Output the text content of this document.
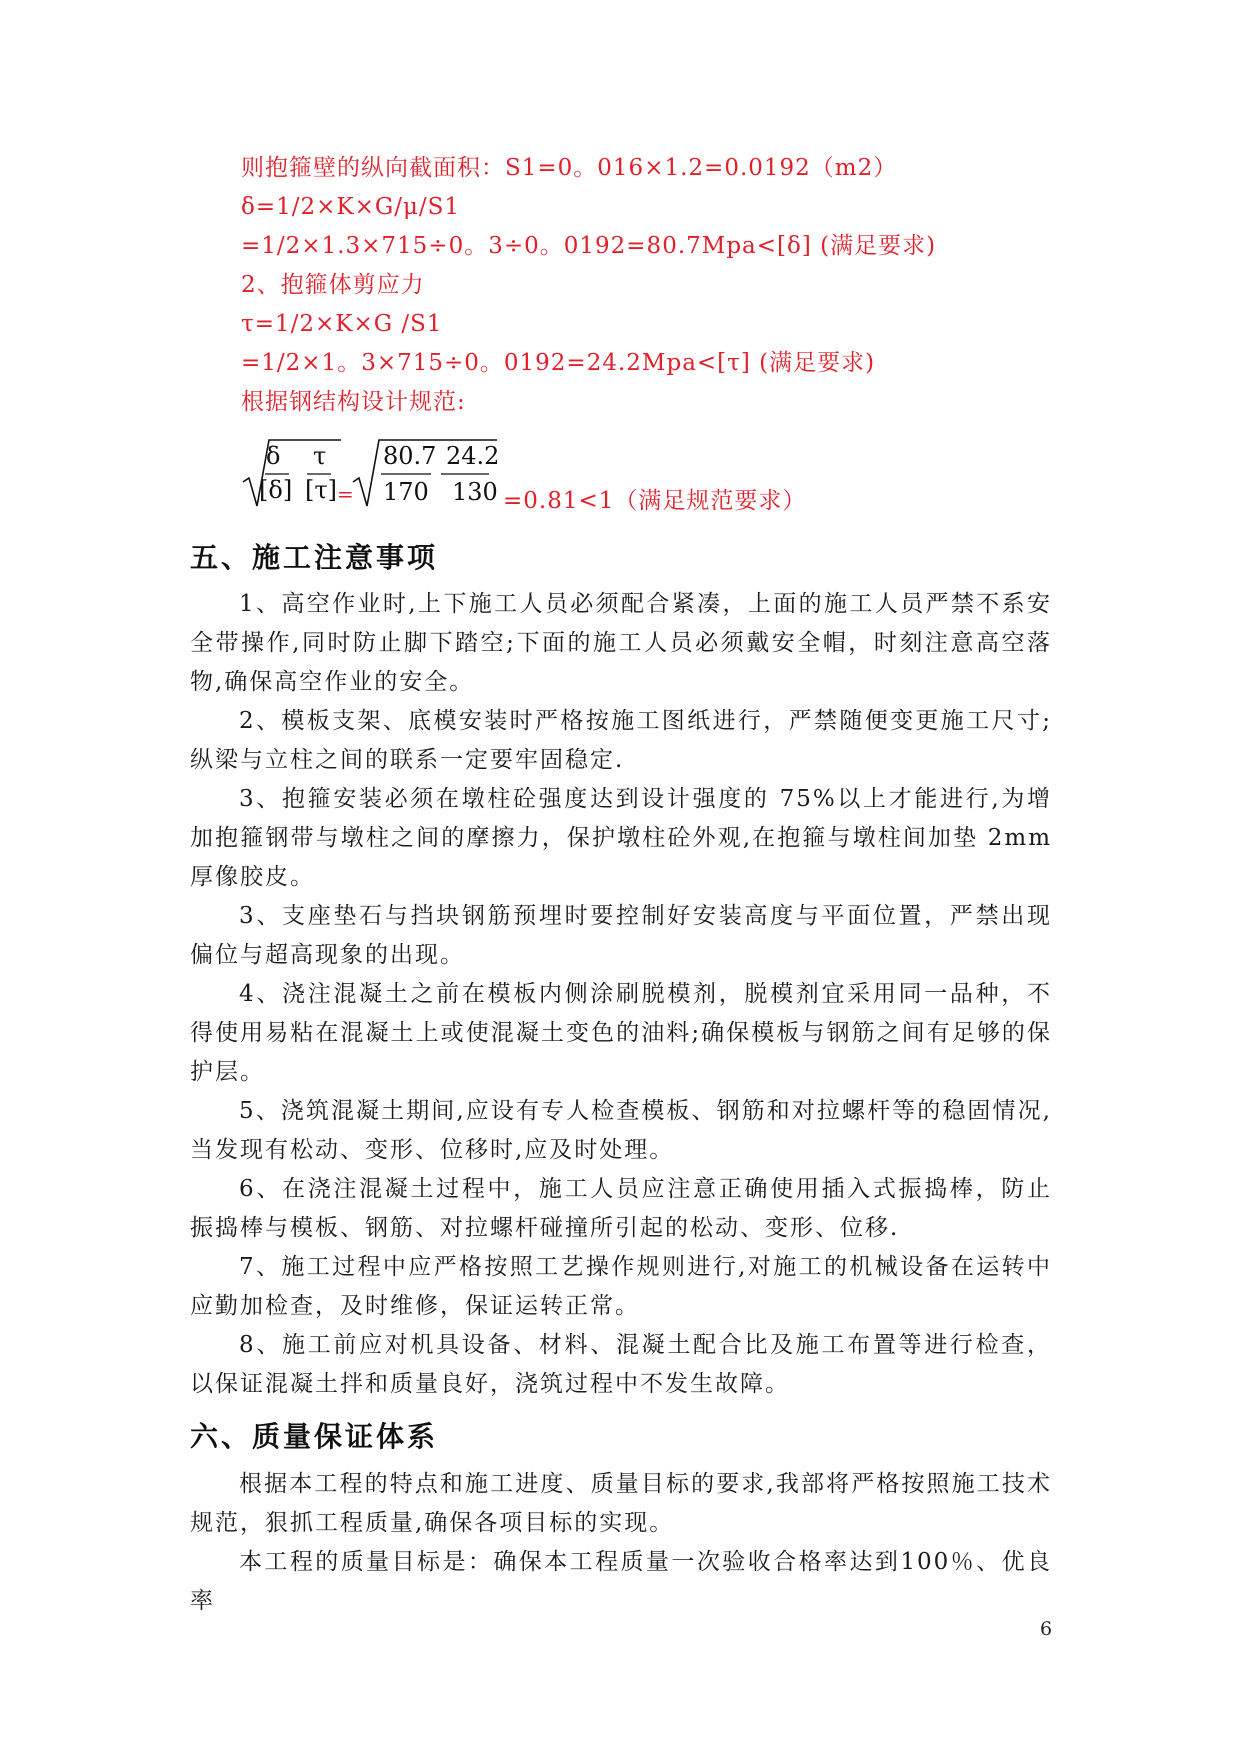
则抱箍壁的纵向截面积：S1=0。016×1.2=0.0192（m2）
δ=1/2×K×G/μ/S1
=1/2×1.3×715÷0。3÷0。0192=80.7Mpa<[δ] (满足要求)
2、抱箍体剪应力
τ=1/2×K×G /S1
=1/2×1。3×715÷0。0192=24.2Mpa<[τ] (满足要求)
根据钢结构设计规范:
δ
[δ]
τ
[τ] =
80.7
170
24.2
130 =0.81<1（满足规范要求）
五、施工注意事项

1、高空作业时,上下施工人员必须配合紧凑，上面的施工人员严禁不系安全带操作,同时防止脚下踏空;下面的施工人员必须戴安全帽，时刻注意高空落物,确保高空作业的安全。

2、模板支架、底模安装时严格按施工图纸进行，严禁随便变更施工尺寸;纵梁与立柱之间的联系一定要牢固稳定.

3、抱箍安装必须在墩柱砼强度达到设计强度的 75%以上才能进行,为增加抱箍钢带与墩柱之间的摩擦力，保护墩柱砼外观,在抱箍与墩柱间加垫 2mm 厚像胶皮。

3、支座垫石与挡块钢筋预埋时要控制好安装高度与平面位置，严禁出现偏位与超高现象的出现。

4、浇注混凝土之前在模板内侧涂刷脱模剂，脱模剂宜采用同一品种，不得使用易粘在混凝土上或使混凝土变色的油料;确保模板与钢筋之间有足够的保护层。

5、浇筑混凝土期间,应设有专人检查模板、钢筋和对拉螺杆等的稳固情况,当发现有松动、变形、位移时,应及时处理。

6、在浇注混凝土过程中，施工人员应注意正确使用插入式振捣棒，防止振捣棒与模板、钢筋、对拉螺杆碰撞所引起的松动、变形、位移.

7、施工过程中应严格按照工艺操作规则进行,对施工的机械设备在运转中应勤加检查，及时维修，保证运转正常。

8、施工前应对机具设备、材料、混凝土配合比及施工布置等进行检查，以保证混凝土拌和质量良好，浇筑过程中不发生故障。

六、质量保证体系

根据本工程的特点和施工进度、质量目标的要求,我部将严格按照施工技术规范，狠抓工程质量,确保各项目标的实现。

本工程的质量目标是：确保本工程质量一次验收合格率达到100％、优良率

6
